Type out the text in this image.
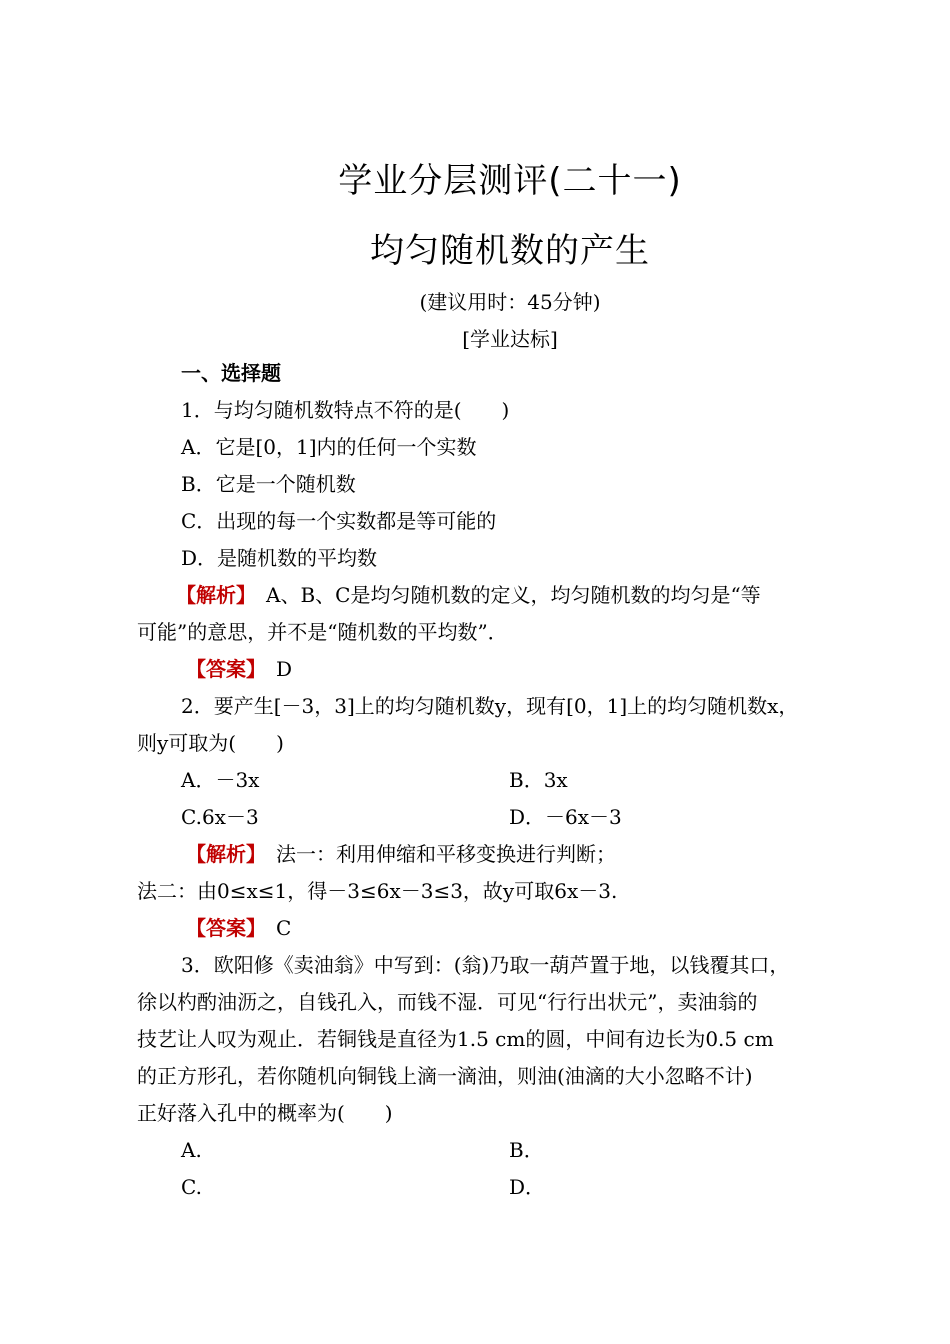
学业分层测评(二十一)
均匀随机数的产生
(建议用时：45分钟)
[学业达标]
一、选择题
1．与均匀随机数特点不符的是(　　)
A．它是[0，1]内的任何一个实数
B．它是一个随机数
C．出现的每一个实数都是等可能的
D．是随机数的平均数
【解析】　A、B、C是均匀随机数的定义，均匀随机数的均匀是“等
可能”的意思，并不是“随机数的平均数”．
【答案】　D
2．要产生[－3，3]上的均匀随机数y，现有[0，1]上的均匀随机数x，
则y可取为(　　)
A．－3x	B．3x
C.6x－3	D．－6x－3
【解析】　法一：利用伸缩和平移变换进行判断；
法二：由0≤x≤1，得－3≤6x－3≤3，故y可取6x－3.
【答案】　C
3．欧阳修《卖油翁》中写到：(翁)乃取一葫芦置于地，以钱覆其口，
徐以杓酌油沥之，自钱孔入，而钱不湿．可见“行行出状元”，卖油翁的
技艺让人叹为观止．若铜钱是直径为1.5 cm的圆，中间有边长为0.5 cm
的正方形孔，若你随机向铜钱上滴一滴油，则油(油滴的大小忽略不计)
正好落入孔中的概率为(　　)
A.	B．
C.	D．
